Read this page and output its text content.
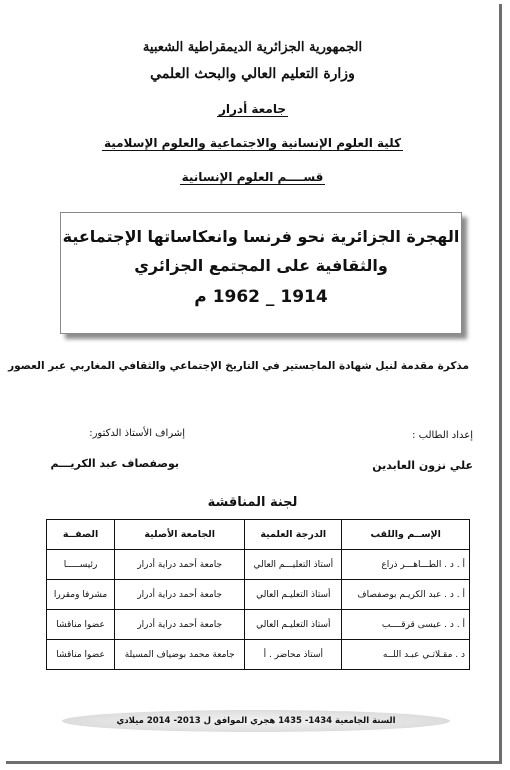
الجمهورية الجزائرية الديمقراطية الشعبية
وزارة التعليم العالي والبحث العلمي
جامعة أدرار
كلية العلوم الإنسانية والاجتماعية والعلوم الإسلامية
قســــم العلوم الإنسانية
الهجرة الجزائرية نحو فرنسا وانعكاساتها الإجتماعية
والثقافية على المجتمع الجزائري
1914 _ 1962 م
مذكرة مقدمة لنيل شهادة الماجستير في التاريخ الإجتماعي والثقافي المغاربي عبر العصور
إعداد الطالب :
إشراف الأستاذ الدكتور:
علي نزون العابدين
بوصفصاف عبد الكريـــم
لجنة المناقشة
الإســم واللقب	الدرجة العلمية	الجامعة الأصلية	الصفــة
أ . د . الطـــاهـــر ذراع	أستاذ التعليـــم العالي	جامعة أحمد دراية أدرار	رئيســـــا
أ . د . عبد الكريـم بوصفصاف	أستاذ التعليـم العالي	جامعة أحمد دراية أدرار	مشرفا ومقررا
أ . د . عيسى قرقــــب	أستاذ التعليـم العالي	جامعة أحمد دراية أدرار	عضوا مناقشا
د . مقـلاتـي عبـد اللــه	أستاذ محاضر . أ	جامعة محمد بوضياف المسيلة	عضوا مناقشا
السنة الجامعية 1434- 1435 هجري الموافق ل 2013- 2014 ميلادي
